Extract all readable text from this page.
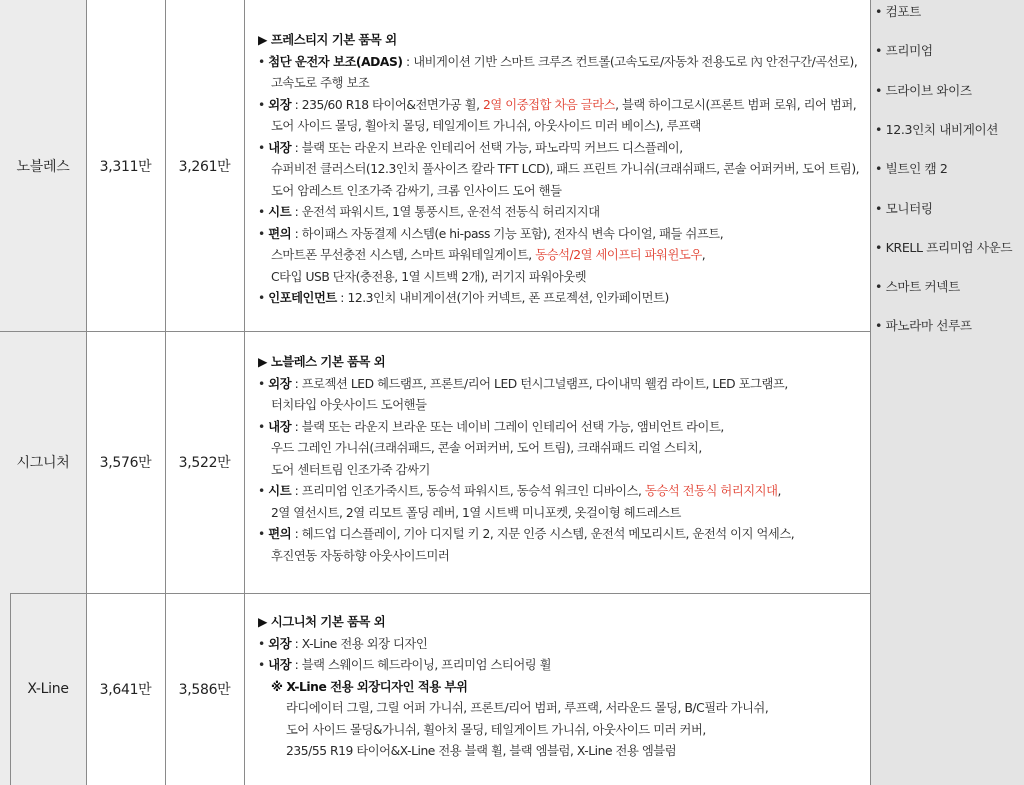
노블레스 3,311만 3,261만
시그니처 3,576만 3,522만
X-Line 3,641만 3,586만
▶ 프레스티지 기본 품목 외
• 첨단 운전자 보조(ADAS) : 내비게이션 기반 스마트 크루즈 컨트롤(고속도로/자동차 전용도로 內 안전구간/곡선로),
고속도로 주행 보조
• 외장 : 235/60 R18 타이어&전면가공 휠, 2열 이중접합 차음 글라스, 블랙 하이그로시(프론트 범퍼 로워, 리어 범퍼,
도어 사이드 몰딩, 휠아치 몰딩, 테일게이트 가니쉬, 아웃사이드 미러 베이스), 루프랙
• 내장 : 블랙 또는 라운지 브라운 인테리어 선택 가능, 파노라믹 커브드 디스플레이,
슈퍼비전 클러스터(12.3인치 풀사이즈 칼라 TFT LCD), 패드 프린트 가니쉬(크래쉬패드, 콘솔 어퍼커버, 도어 트림),
도어 암레스트 인조가죽 감싸기, 크롬 인사이드 도어 핸들
• 시트 : 운전석 파워시트, 1열 통풍시트, 운전석 전동식 허리지지대
• 편의 : 하이패스 자동결제 시스템(e hi-pass 기능 포함), 전자식 변속 다이얼, 패들 쉬프트,
스마트폰 무선충전 시스템, 스마트 파워테일게이트, 동승석/2열 세이프티 파워윈도우,
C타입 USB 단자(충전용, 1열 시트백 2개), 러기지 파워아웃렛
• 인포테인먼트 : 12.3인치 내비게이션(기아 커넥트, 폰 프로젝션, 인카페이먼트)
▶ 노블레스 기본 품목 외
• 외장 : 프로젝션 LED 헤드램프, 프론트/리어 LED 턴시그널램프, 다이내믹 웰컴 라이트, LED 포그램프,
터치타입 아웃사이드 도어핸들
• 내장 : 블랙 또는 라운지 브라운 또는 네이비 그레이 인테리어 선택 가능, 앰비언트 라이트,
우드 그레인 가니쉬(크래쉬패드, 콘솔 어퍼커버, 도어 트림), 크래쉬패드 리얼 스티치,
도어 센터트림 인조가죽 감싸기
• 시트 : 프리미엄 인조가죽시트, 동승석 파워시트, 동승석 워크인 디바이스, 동승석 전동식 허리지지대,
2열 열선시트, 2열 리모트 폴딩 레버, 1열 시트백 미니포켓, 옷걸이형 헤드레스트
• 편의 : 헤드업 디스플레이, 기아 디지털 키 2, 지문 인증 시스템, 운전석 메모리시트, 운전석 이지 억세스,
후진연동 자동하향 아웃사이드미러
▶ 시그니처 기본 품목 외
• 외장 : X-Line 전용 외장 디자인
• 내장 : 블랙 스웨이드 헤드라이닝, 프리미엄 스티어링 휠
※ X-Line 전용 외장디자인 적용 부위
라디에이터 그릴, 그릴 어퍼 가니쉬, 프론트/리어 범퍼, 루프랙, 서라운드 몰딩, B/C필라 가니쉬,
도어 사이드 몰딩&가니쉬, 휠아치 몰딩, 테일게이트 가니쉬, 아웃사이드 미러 커버,
235/55 R19 타이어&X-Line 전용 블랙 휠, 블랙 엠블럼, X-Line 전용 엠블럼
• 컴포트
• 프리미엄
• 드라이브 와이즈
• 12.3인치 내비게이션
• 빌트인 캠 2
• 모니터링
• KRELL 프리미엄 사운드
• 스마트 커넥트
• 파노라마 선루프
